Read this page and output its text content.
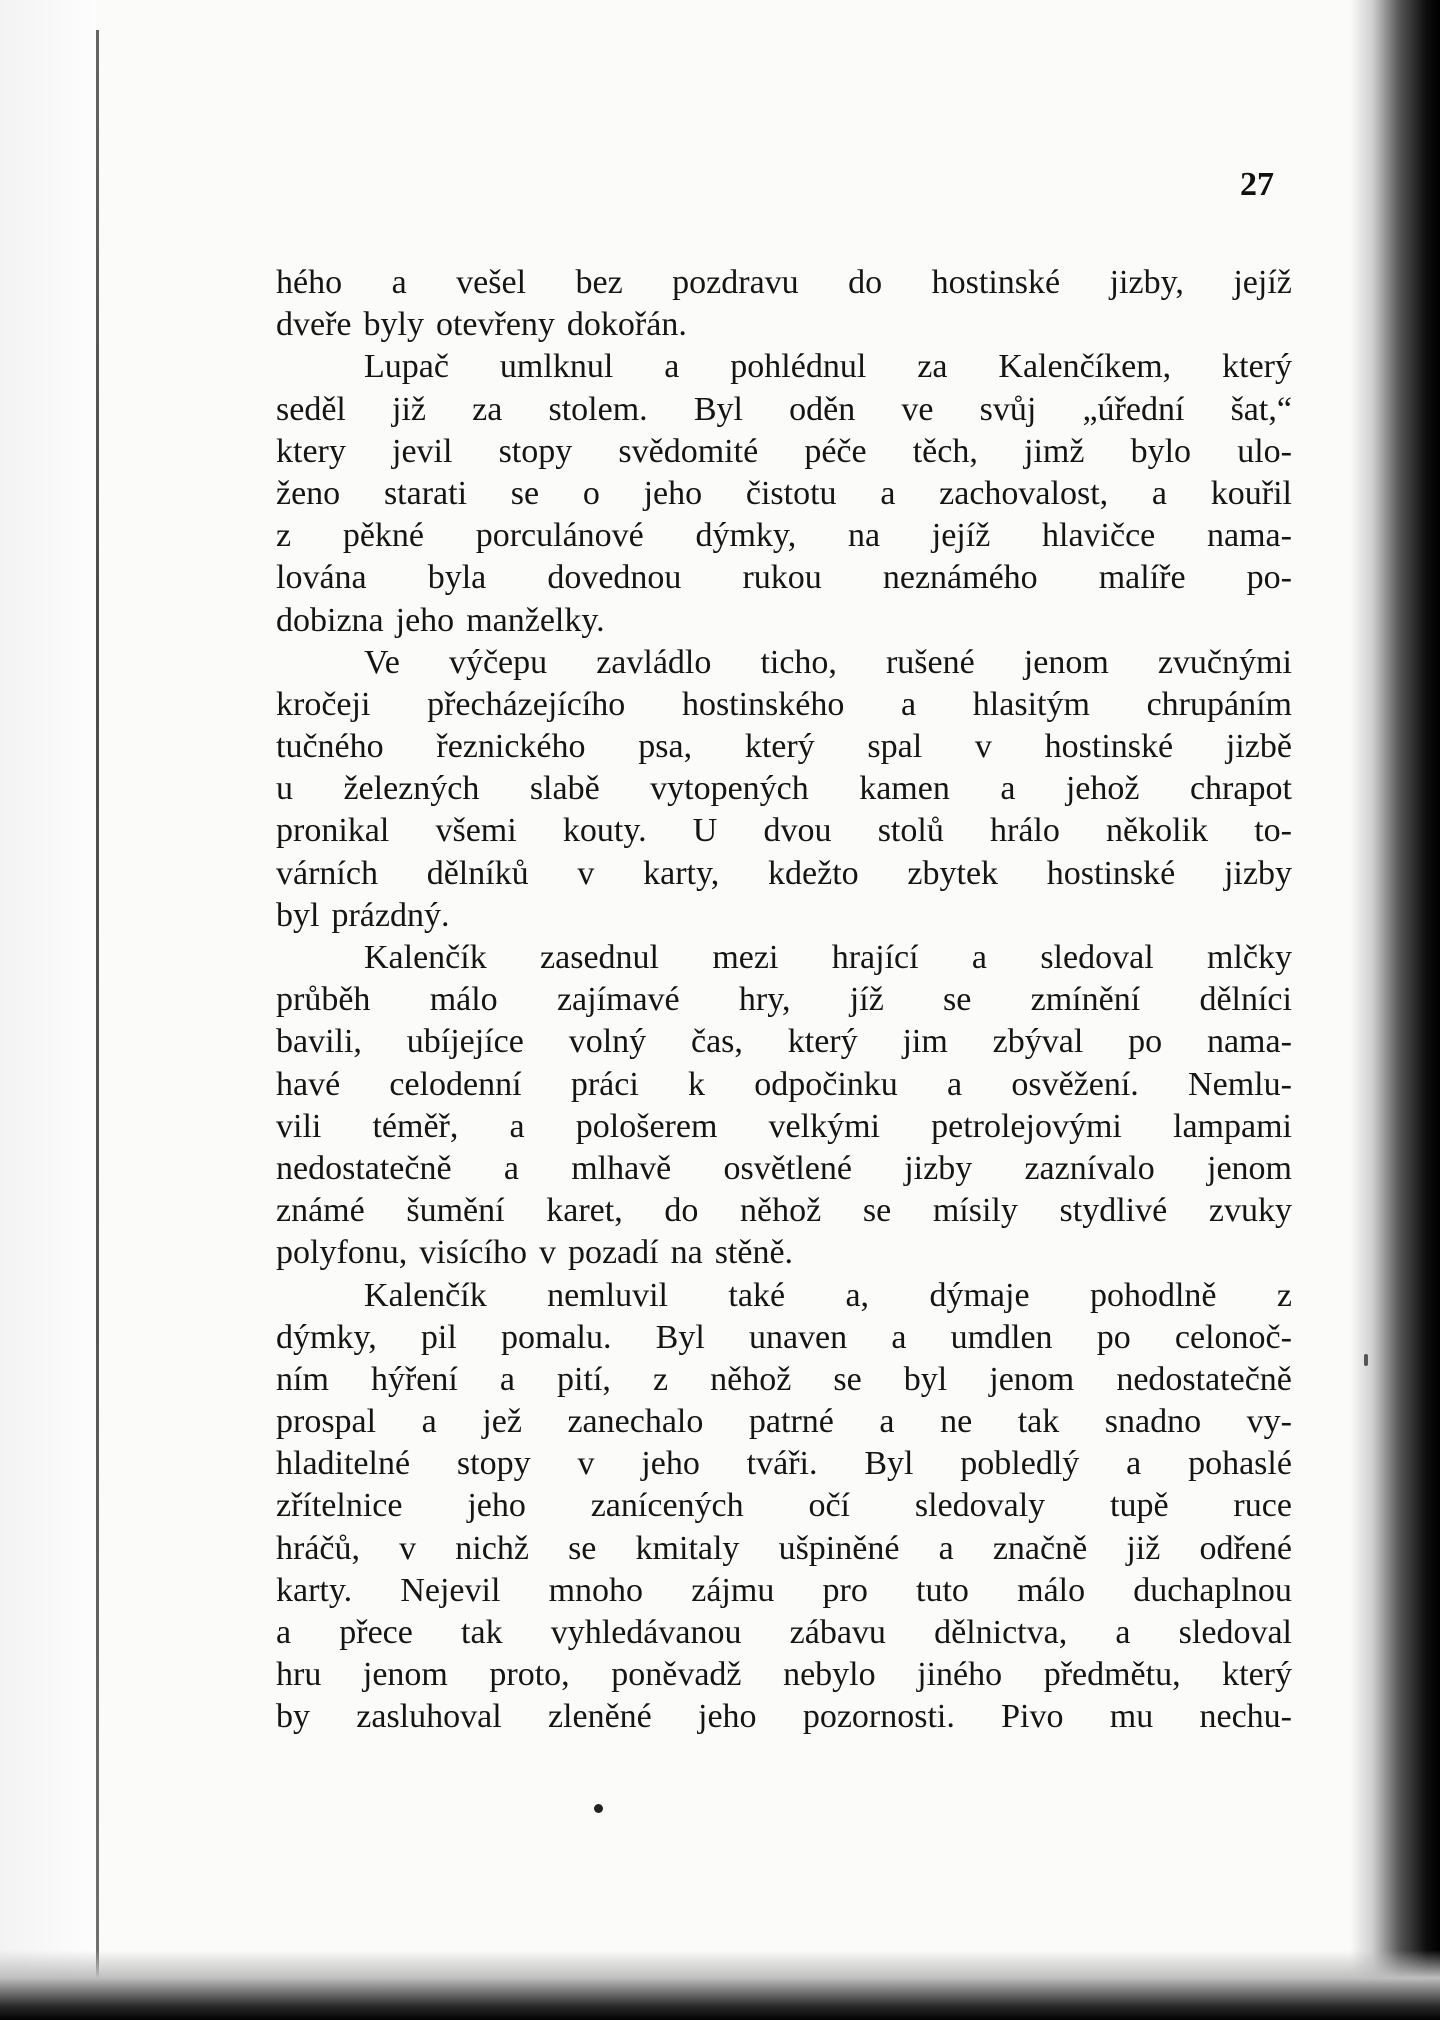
27
hého a vešel bez pozdravu do hostinské jizby, jejíž
dveře byly otevřeny dokořán.
Lupač umlknul a pohlédnul za Kalenčíkem, který
seděl již za stolem. Byl oděn ve svůj „úřední šat,“
ktery jevil stopy svědomité péče těch, jimž bylo ulo-
ženo starati se o jeho čistotu a zachovalost, a kouřil
z pěkné porculánové dýmky, na jejíž hlavičce namа-
lována byla dovednou rukou neznámého malíře po-
dobizna jeho manželky.
Ve výčepu zavládlo ticho, rušené jenom zvučnými
kročeji přecházejícího hostinského a hlasitým chrupáním
tučného řeznického psa, který spal v hostinské jizbě
u železných slabě vytopených kamen a jehož chrapot
pronikal všemi kouty. U dvou stolů hrálo několik to-
várních dělníků v karty, kdežto zbytek hostinské jizby
byl prázdný.
Kalenčík zasednul mezi hrající a sledoval mlčky
průběh málo zajímavé hry, jíž se zmínění dělníci
bavili, ubíjejíce volný čas, který jim zbýval po nama-
havé celodenní práci k odpočinku a osvěžení. Nemlu-
vili téměř, a pološerem velkými petrolejovými lampami
nedostatečně a mlhavě osvětlené jizby zaznívalo jenom
známé šumění karet, do něhož se mísily stydlivé zvuky
polyfonu, visícího v pozadí na stěně.
Kalenčík nemluvil také a, dýmaje pohodlně z
dýmky, pil pomalu. Byl unaven a umdlen po celonoč-
ním hýření a pití, z něhož se byl jenom nedostatečně
prospal a jež zanechalo patrné a ne tak snadno vy-
hladitelné stopy v jeho tváři. Byl pobledlý a pohaslé
zřítelnice jeho zanícených očí sledovaly tupě ruce
hráčů, v nichž se kmitaly ušpiněné a značně již odřené
karty. Nejevil mnoho zájmu pro tuto málo duchaplnou
a přece tak vyhledávanou zábavu dělnictva, a sledoval
hru jenom proto, poněvadž nebylo jiného předmětu, který
by zasluhoval zleněné jeho pozornosti. Pivo mu nechu-
